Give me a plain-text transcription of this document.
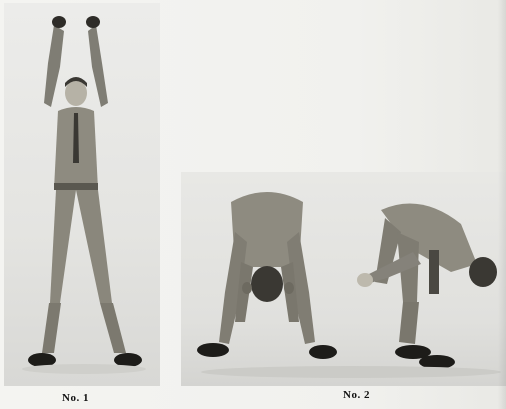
No. 1	No. 2
